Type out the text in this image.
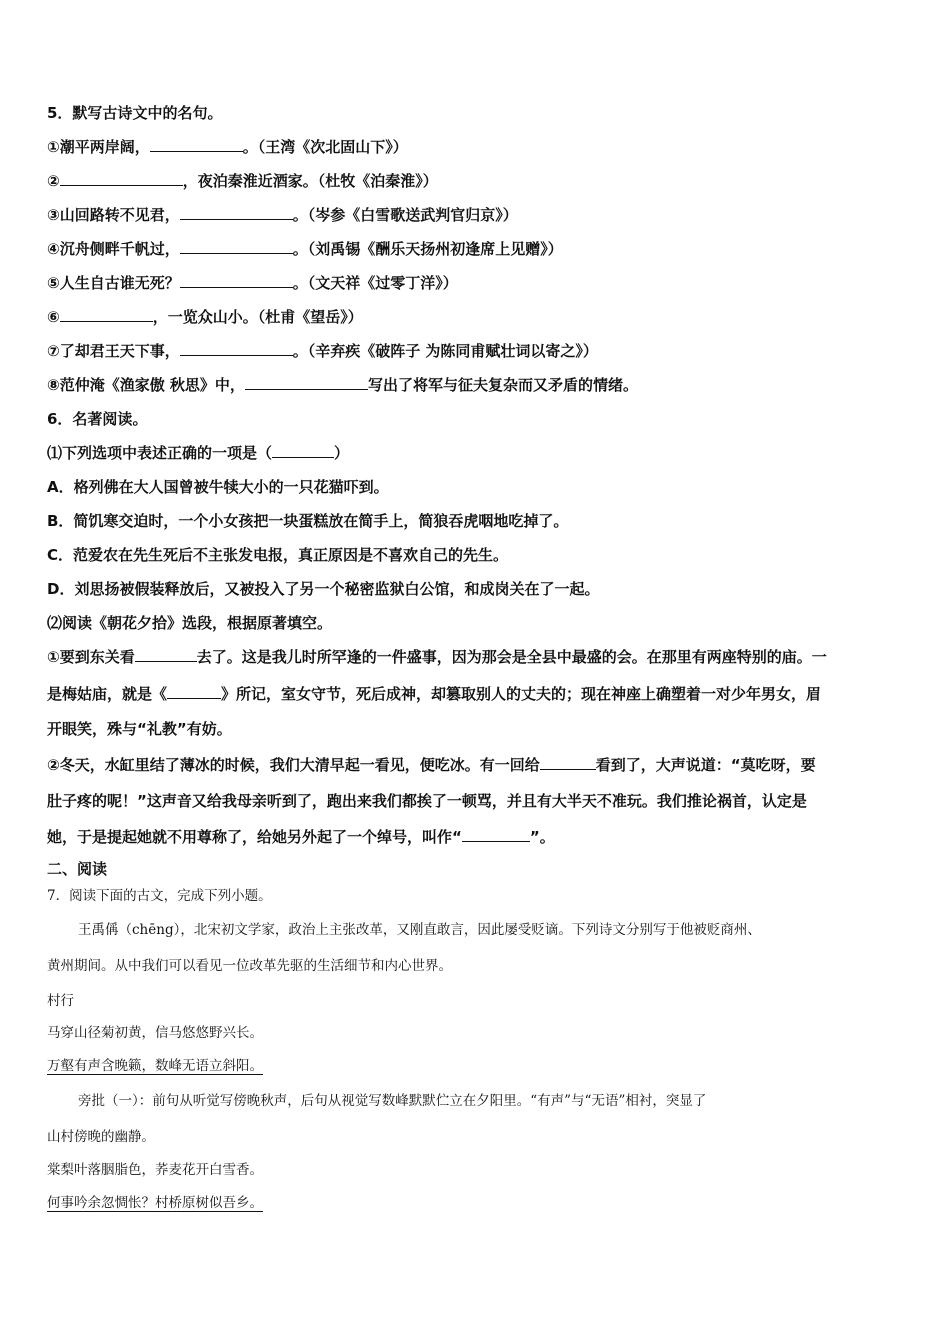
5．默写古诗文中的名句。
①潮平两岸阔，	。（王湾《次北固山下》）
②	，夜泊秦淮近酒家。（杜牧《泊秦淮》）
③山回路转不见君，	。（岑参《白雪歌送武判官归京》）
④沉舟侧畔千帆过，	。（刘禹锡《酬乐天扬州初逢席上见赠》）
⑤人生自古谁无死？	。（文天祥《过零丁洋》）
⑥	，一览众山小。（杜甫《望岳》）
⑦了却君王天下事，	。（辛弃疾《破阵子 为陈同甫赋壮词以寄之》）
⑧范仲淹《渔家傲 秋思》中，	写出了将军与征夫复杂而又矛盾的情绪。
6．名著阅读。
⑴下列选项中表述正确的一项是（	）
A．格列佛在大人国曾被牛犊大小的一只花猫吓到。
B．简饥寒交迫时，一个小女孩把一块蛋糕放在简手上，简狼吞虎咽地吃掉了。
C．范爱农在先生死后不主张发电报，真正原因是不喜欢自己的先生。
D．刘思扬被假装释放后，又被投入了另一个秘密监狱白公馆，和成岗关在了一起。
⑵阅读《朝花夕拾》选段，根据原著填空。
①要到东关看	去了。这是我儿时所罕逢的一件盛事，因为那会是全县中最盛的会。在那里有两座特别的庙。一
是梅姑庙，就是《	》所记，室女守节，死后成神，却篡取别人的丈夫的；现在神座上确塑着一对少年男女，眉
开眼笑，殊与“礼教”有妨。
②冬天，水缸里结了薄冰的时候，我们大清早起一看见，便吃冰。有一回给	看到了，大声说道：“莫吃呀，要
肚子疼的呢！”这声音又给我母亲听到了，跑出来我们都挨了一顿骂，并且有大半天不准玩。我们推论祸首，认定是
她，于是提起她就不用尊称了，给她另外起了一个绰号，叫作“	”。
二、阅读
7．阅读下面的古文，完成下列小题。
王禹偁（chēng），北宋初文学家，政治上主张改革，又刚直敢言，因此屡受贬谪。下列诗文分别写于他被贬商州、
黄州期间。从中我们可以看见一位改革先驱的生活细节和内心世界。
村行
马穿山径菊初黄，信马悠悠野兴长。
万壑有声含晚籁，数峰无语立斜阳。
旁批（一）：前句从听觉写傍晚秋声，后句从视觉写数峰默默伫立在夕阳里。“有声”与“无语”相衬，突显了
山村傍晚的幽静。
棠梨叶落胭脂色，荞麦花开白雪香。
何事吟余忽惆怅？村桥原树似吾乡。
